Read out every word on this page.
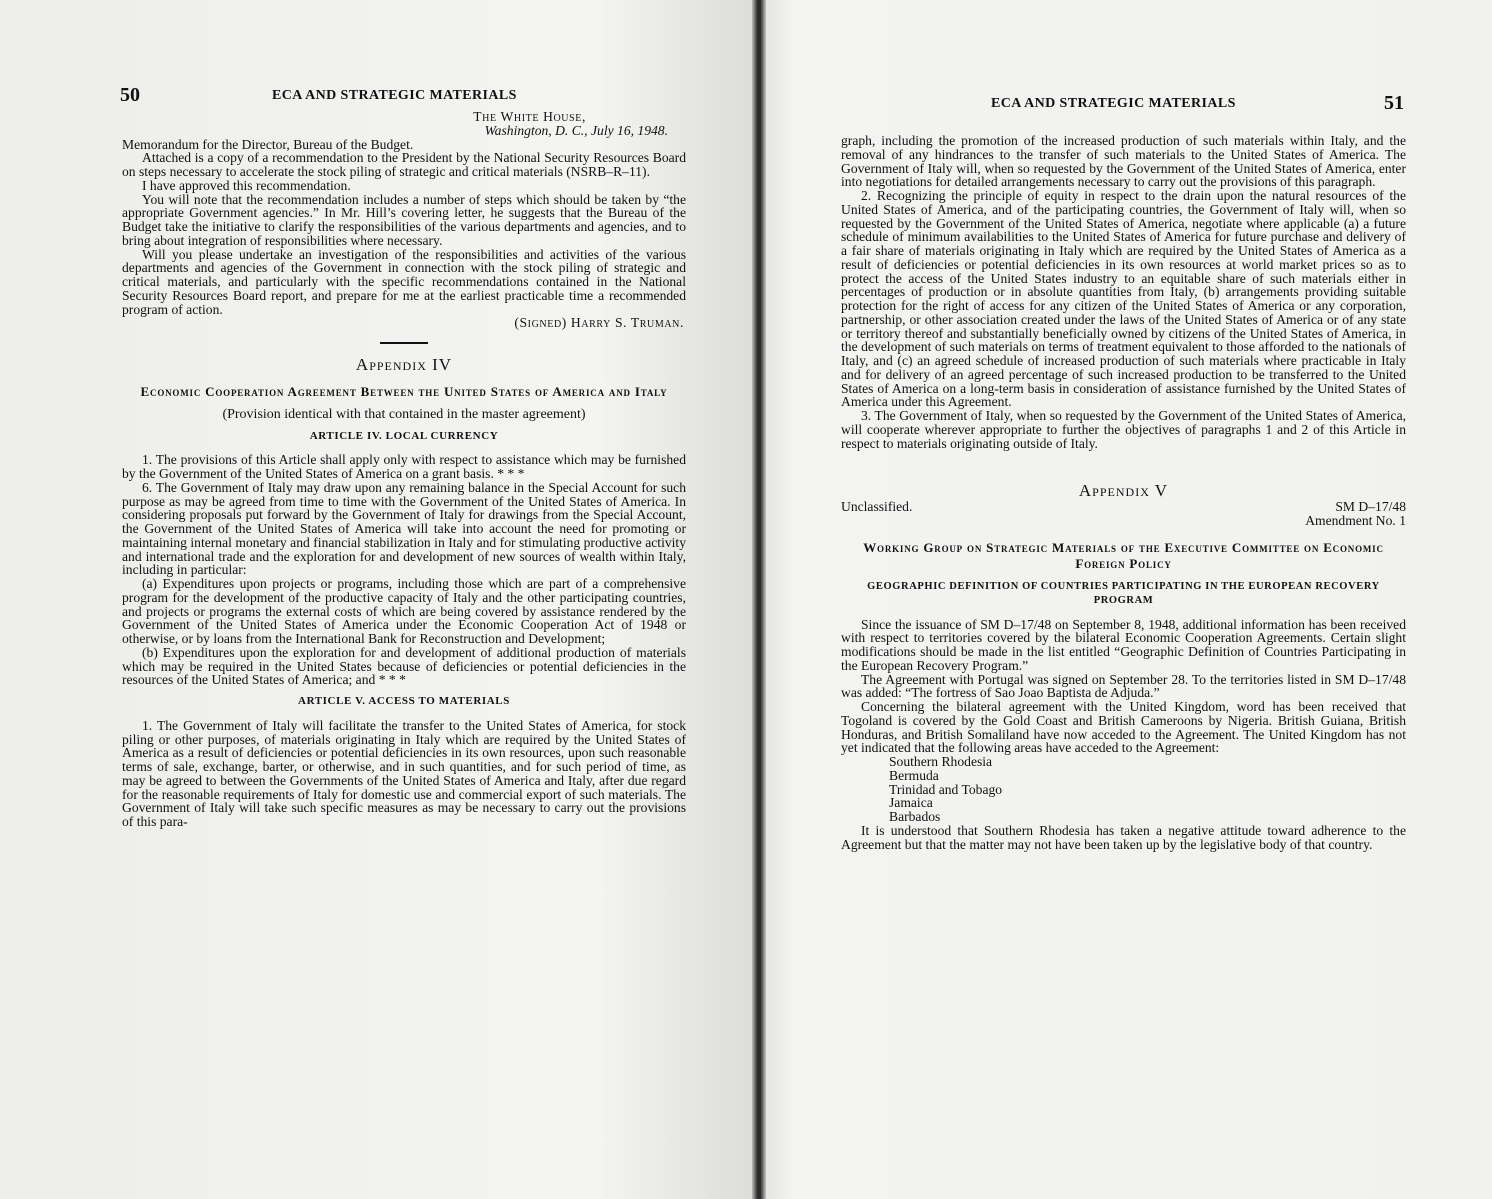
50	ECA AND STRATEGIC MATERIALS
The White House,
Washington, D. C., July 16, 1948.

Memorandum for the Director, Bureau of the Budget.

Attached is a copy of a recommendation to the President by the National Security Resources Board on steps necessary to accelerate the stock piling of strategic and critical materials (NSRB–R–11).

I have approved this recommendation.

You will note that the recommendation includes a number of steps which should be taken by “the appropriate Government agencies.” In Mr. Hill’s covering letter, he suggests that the Bureau of the Budget take the initiative to clarify the responsibilities of the various departments and agencies, and to bring about integration of responsibilities where necessary.

Will you please undertake an investigation of the responsibilities and activities of the various departments and agencies of the Government in connection with the stock piling of strategic and critical materials, and particularly with the specific recommendations contained in the National Security Resources Board report, and prepare for me at the earliest practicable time a recommended program of action.

(Signed) Harry S. Truman.
Appendix IV
Economic Cooperation Agreement Between the United States of America and Italy

(Provision identical with that contained in the master agreement)

ARTICLE IV. LOCAL CURRENCY

1. The provisions of this Article shall apply only with respect to assistance which may be furnished by the Government of the United States of America on a grant basis. * * *

6. The Government of Italy may draw upon any remaining balance in the Special Account for such purpose as may be agreed from time to time with the Government of the United States of America. In considering proposals put forward by the Government of Italy for drawings from the Special Account, the Government of the United States of America will take into account the need for promoting or maintaining internal monetary and financial stabilization in Italy and for stimulating productive activity and international trade and the exploration for and development of new sources of wealth within Italy, including in particular:

(a) Expenditures upon projects or programs, including those which are part of a comprehensive program for the development of the productive capacity of Italy and the other participating countries, and projects or programs the external costs of which are being covered by assistance rendered by the Government of the United States of America under the Economic Cooperation Act of 1948 or otherwise, or by loans from the International Bank for Reconstruction and Development;

(b) Expenditures upon the exploration for and development of additional production of materials which may be required in the United States because of deficiencies or potential deficiencies in the resources of the United States of America; and * * *

ARTICLE V. ACCESS TO MATERIALS

1. The Government of Italy will facilitate the transfer to the United States of America, for stock piling or other purposes, of materials originating in Italy which are required by the United States of America as a result of deficiencies or potential deficiencies in its own resources, upon such reasonable terms of sale, exchange, barter, or otherwise, and in such quantities, and for such period of time, as may be agreed to between the Governments of the United States of America and Italy, after due regard for the reasonable requirements of Italy for domestic use and commercial export of such materials. The Government of Italy will take such specific measures as may be necessary to carry out the provisions of this para-

ECA AND STRATEGIC MATERIALS	51

graph, including the promotion of the increased production of such materials within Italy, and the removal of any hindrances to the transfer of such materials to the United States of America. The Government of Italy will, when so requested by the Government of the United States of America, enter into negotiations for detailed arrangements necessary to carry out the provisions of this paragraph.

2. Recognizing the principle of equity in respect to the drain upon the natural resources of the United States of America, and of the participating countries, the Government of Italy will, when so requested by the Government of the United States of America, negotiate where applicable (a) a future schedule of minimum availabilities to the United States of America for future purchase and delivery of a fair share of materials originating in Italy which are required by the United States of America as a result of deficiencies or potential deficiencies in its own resources at world market prices so as to protect the access of the United States industry to an equitable share of such materials either in percentages of production or in absolute quantities from Italy, (b) arrangements providing suitable protection for the right of access for any citizen of the United States of America or any corporation, partnership, or other association created under the laws of the United States of America or of any state or territory thereof and substantially beneficially owned by citizens of the United States of America, in the development of such materials on terms of treatment equivalent to those afforded to the nationals of Italy, and (c) an agreed schedule of increased production of such materials where practicable in Italy and for delivery of an agreed percentage of such increased production to be transferred to the United States of America on a long-term basis in consideration of assistance furnished by the United States of America under this Agreement.

3. The Government of Italy, when so requested by the Government of the United States of America, will cooperate wherever appropriate to further the objectives of paragraphs 1 and 2 of this Article in respect to materials originating outside of Italy.

Appendix V
Unclassified.	SM D–17/48
Amendment No. 1
Working Group on Strategic Materials of the Executive Committee on Economic Foreign Policy
GEOGRAPHIC DEFINITION OF COUNTRIES PARTICIPATING IN THE EUROPEAN RECOVERY PROGRAM

Since the issuance of SM D–17/48 on September 8, 1948, additional information has been received with respect to territories covered by the bilateral Economic Cooperation Agreements. Certain slight modifications should be made in the list entitled “Geographic Definition of Countries Participating in the European Recovery Program.”

The Agreement with Portugal was signed on September 28. To the territories listed in SM D–17/48 was added: “The fortress of Sao Joao Baptista de Adjuda.”

Concerning the bilateral agreement with the United Kingdom, word has been received that Togoland is covered by the Gold Coast and British Cameroons by Nigeria. British Guiana, British Honduras, and British Somaliland have now acceded to the Agreement. The United Kingdom has not yet indicated that the following areas have acceded to the Agreement:

Southern Rhodesia
Bermuda
Trinidad and Tobago
Jamaica
Barbados

It is understood that Southern Rhodesia has taken a negative attitude toward adherence to the Agreement but that the matter may not have been taken up by the legislative body of that country.
